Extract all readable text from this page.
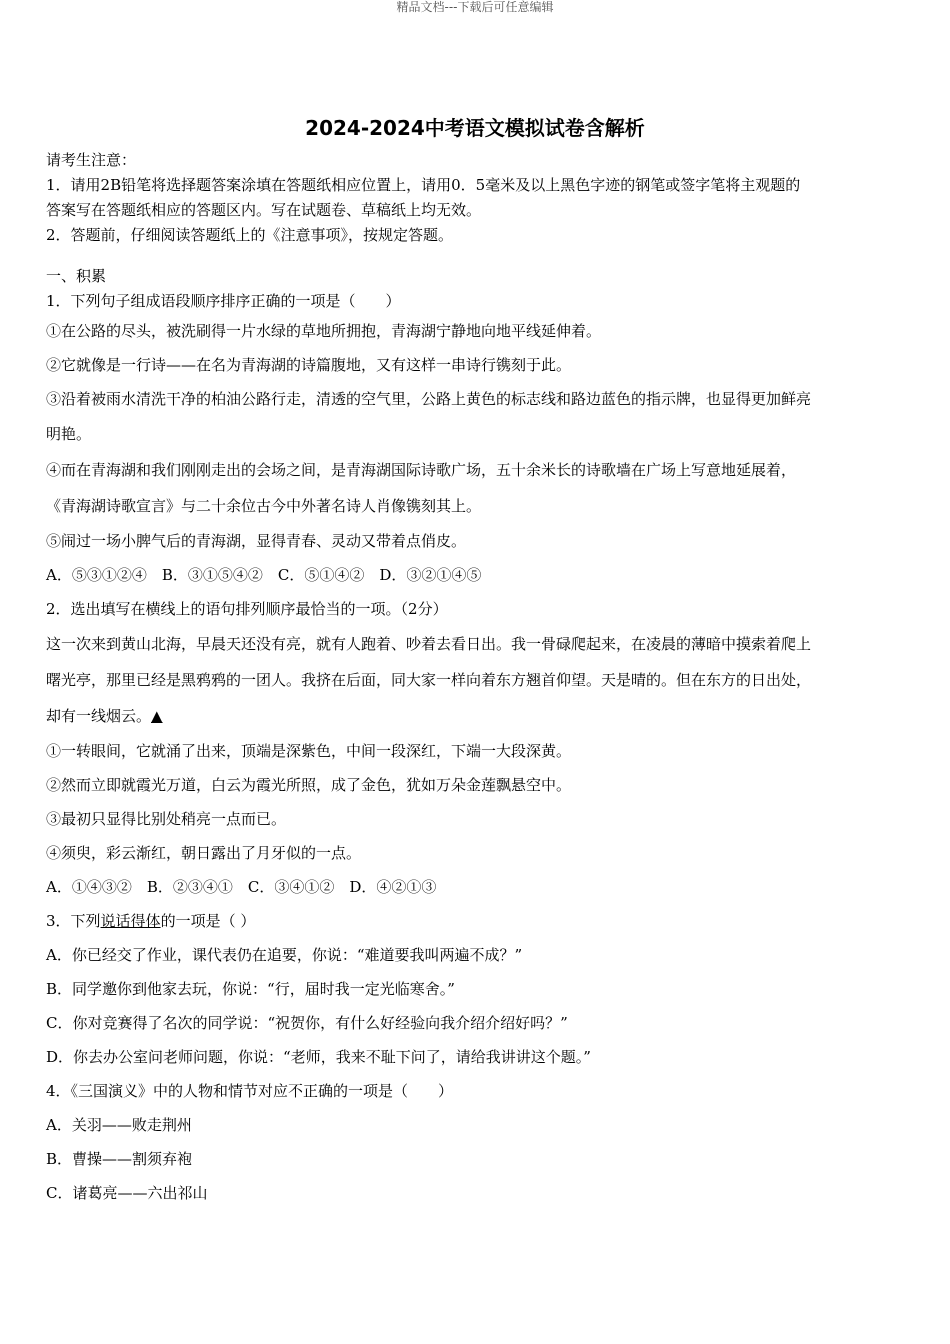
精品文档---下载后可任意编辑
2024-2024中考语文模拟试卷含解析
请考生注意：
1．请用2B铅笔将选择题答案涂填在答题纸相应位置上，请用0．5毫米及以上黑色字迹的钢笔或签字笔将主观题的
答案写在答题纸相应的答题区内。写在试题卷、草稿纸上均无效。
2．答题前，仔细阅读答题纸上的《注意事项》，按规定答题。
一、积累
1．下列句子组成语段顺序排序正确的一项是（　　）
①在公路的尽头，被洗刷得一片水绿的草地所拥抱，青海湖宁静地向地平线延伸着。
②它就像是一行诗——在名为青海湖的诗篇腹地，又有这样一串诗行镌刻于此。
③沿着被雨水清洗干净的柏油公路行走，清透的空气里，公路上黄色的标志线和路边蓝色的指示牌，也显得更加鲜亮
明艳。
④而在青海湖和我们刚刚走出的会场之间，是青海湖国际诗歌广场，五十余米长的诗歌墙在广场上写意地延展着，
《青海湖诗歌宣言》与二十余位古今中外著名诗人肖像镌刻其上。
⑤闹过一场小脾气后的青海湖，显得青春、灵动又带着点俏皮。
A．⑤③①②④　B．③①⑤④②　C．⑤①④②　D．③②①④⑤
2．选出填写在横线上的语句排列顺序最恰当的一项。（2分）
这一次来到黄山北海，早晨天还没有亮，就有人跑着、吵着去看日出。我一骨碌爬起来，在凌晨的薄暗中摸索着爬上
曙光亭，那里已经是黑鸦鸦的一团人。我挤在后面，同大家一样向着东方翘首仰望。天是晴的。但在东方的日出处，
却有一线烟云。▲
①一转眼间，它就涌了出来，顶端是深紫色，中间一段深红，下端一大段深黄。
②然而立即就霞光万道，白云为霞光所照，成了金色，犹如万朵金莲飘悬空中。
③最初只显得比别处稍亮一点而已。
④须臾，彩云渐红，朝日露出了月牙似的一点。
A．①④③②　B．②③④①　C．③④①②　D．④②①③
3．下列说话得体的一项是（ ）
A．你已经交了作业，课代表仍在追要，你说：“难道要我叫两遍不成？”
B．同学邀你到他家去玩，你说：“行，届时我一定光临寒舍。”
C．你对竞赛得了名次的同学说：“祝贺你，有什么好经验向我介绍介绍好吗？”
D．你去办公室问老师问题，你说：“老师，我来不耻下问了，请给我讲讲这个题。”
4．《三国演义》中的人物和情节对应不正确的一项是（　　）
A．关羽——败走荆州
B．曹操——割须弃袍
C．诸葛亮——六出祁山
